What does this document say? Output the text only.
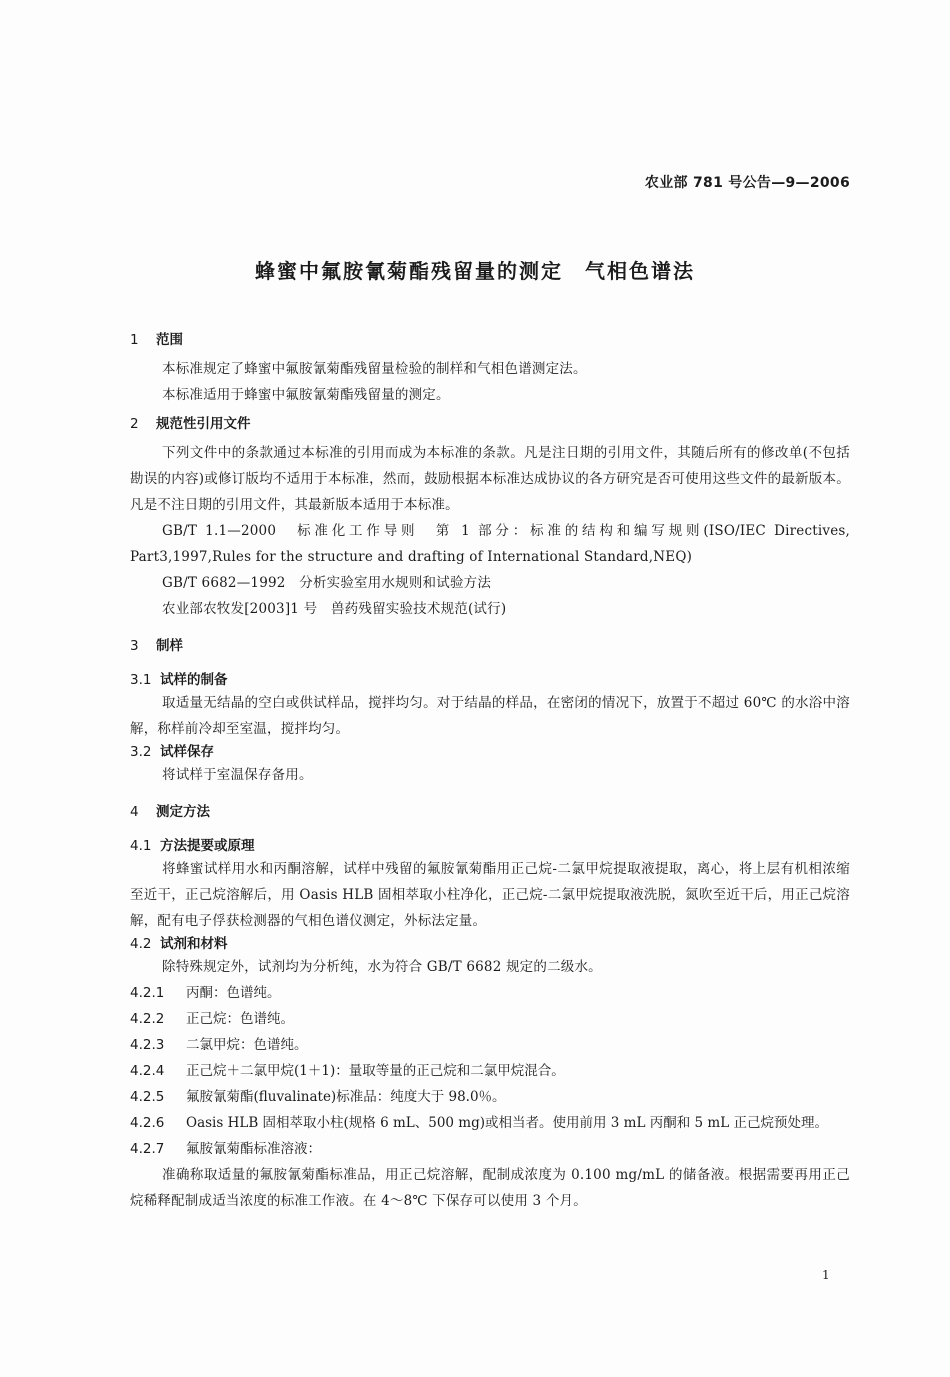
农业部 781 号公告—9—2006
蜂蜜中氟胺氰菊酯残留量的测定　气相色谱法
1 范围
本标准规定了蜂蜜中氟胺氰菊酯残留量检验的制样和气相色谱测定法。
本标准适用于蜂蜜中氟胺氰菊酯残留量的测定。
2 规范性引用文件
下列文件中的条款通过本标准的引用而成为本标准的条款。凡是注日期的引用文件，其随后所有的修改单(不包括勘误的内容)或修订版均不适用于本标准，然而，鼓励根据本标准达成协议的各方研究是否可使用这些文件的最新版本。凡是不注日期的引用文件，其最新版本适用于本标准。
GB/T 1.1—2000　标准化工作导则　第 1 部分：标准的结构和编写规则(ISO/IEC Directives, Part3,1997,Rules for the structure and drafting of International Standard,NEQ)
GB/T 6682—1992　分析实验室用水规则和试验方法
农业部农牧发[2003]1 号　兽药残留实验技术规范(试行)
3 制样
3.1 试样的制备
取适量无结晶的空白或供试样品，搅拌均匀。对于结晶的样品，在密闭的情况下，放置于不超过 60℃ 的水浴中溶解，称样前冷却至室温，搅拌均匀。
3.2 试样保存
将试样于室温保存备用。
4 测定方法
4.1 方法提要或原理
将蜂蜜试样用水和丙酮溶解，试样中残留的氟胺氰菊酯用正己烷-二氯甲烷提取液提取，离心，将上层有机相浓缩至近干，正己烷溶解后，用 Oasis HLB 固相萃取小柱净化，正己烷-二氯甲烷提取液洗脱，氮吹至近干后，用正己烷溶解，配有电子俘获检测器的气相色谱仪测定，外标法定量。
4.2 试剂和材料
除特殊规定外，试剂均为分析纯，水为符合 GB/T 6682 规定的二级水。
4.2.1 丙酮：色谱纯。
4.2.2 正己烷：色谱纯。
4.2.3 二氯甲烷：色谱纯。
4.2.4 正己烷＋二氯甲烷(1＋1)：量取等量的正己烷和二氯甲烷混合。
4.2.5 氟胺氰菊酯(fluvalinate)标准品：纯度大于 98.0％。
4.2.6 Oasis HLB 固相萃取小柱(规格 6 mL、500 mg)或相当者。使用前用 3 mL 丙酮和 5 mL 正己烷预处理。
4.2.7 氟胺氰菊酯标准溶液：
准确称取适量的氟胺氰菊酯标准品，用正己烷溶解，配制成浓度为 0.100 mg/mL 的储备液。根据需要再用正己烷稀释配制成适当浓度的标准工作液。在 4～8℃ 下保存可以使用 3 个月。
1
